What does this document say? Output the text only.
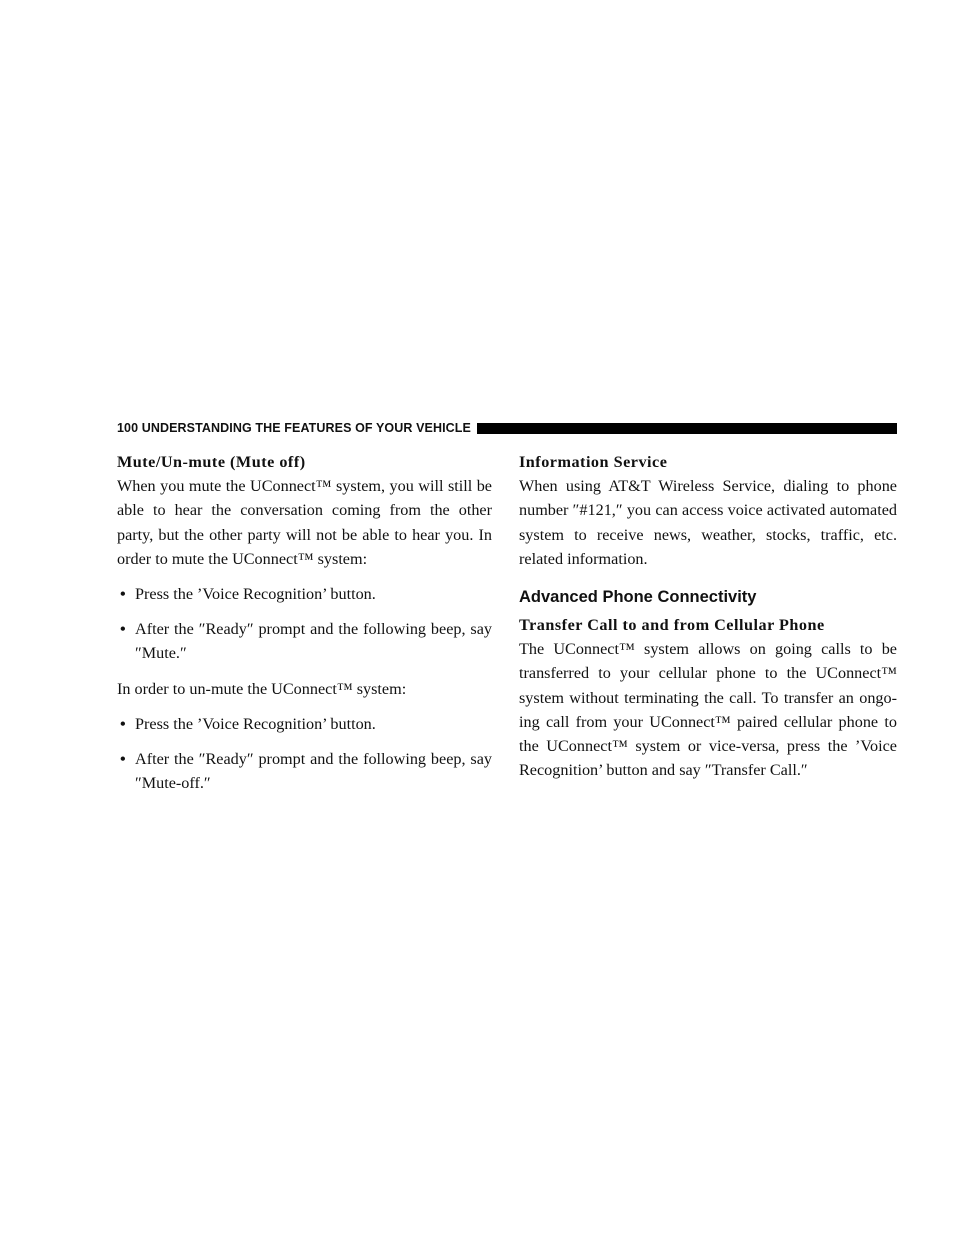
100 UNDERSTANDING THE FEATURES OF YOUR VEHICLE
Mute/Un-mute (Mute off)

When you mute the UConnect™ system, you will still be able to hear the conversation coming from the other party, but the other party will not be able to hear you. In order to mute the UConnect™ system:

• Press the ’Voice Recognition’ button.
• After the ″Ready″ prompt and the following beep, say ″Mute.″

In order to un-mute the UConnect™ system:

• Press the ’Voice Recognition’ button.
• After the ″Ready″ prompt and the following beep, say ″Mute-off.″
Information Service

When using AT&T Wireless Service, dialing to phone number ″#121,″ you can access voice activated automated system to receive news, weather, stocks, traffic, etc. related information.

Advanced Phone Connectivity
Transfer Call to and from Cellular Phone

The UConnect™ system allows on going calls to be transferred to your cellular phone to the UConnect™ system without terminating the call. To transfer an ongo-ing call from your UConnect™ paired cellular phone to the UConnect™ system or vice-versa, press the ’Voice Recognition’ button and say ″Transfer Call.″
